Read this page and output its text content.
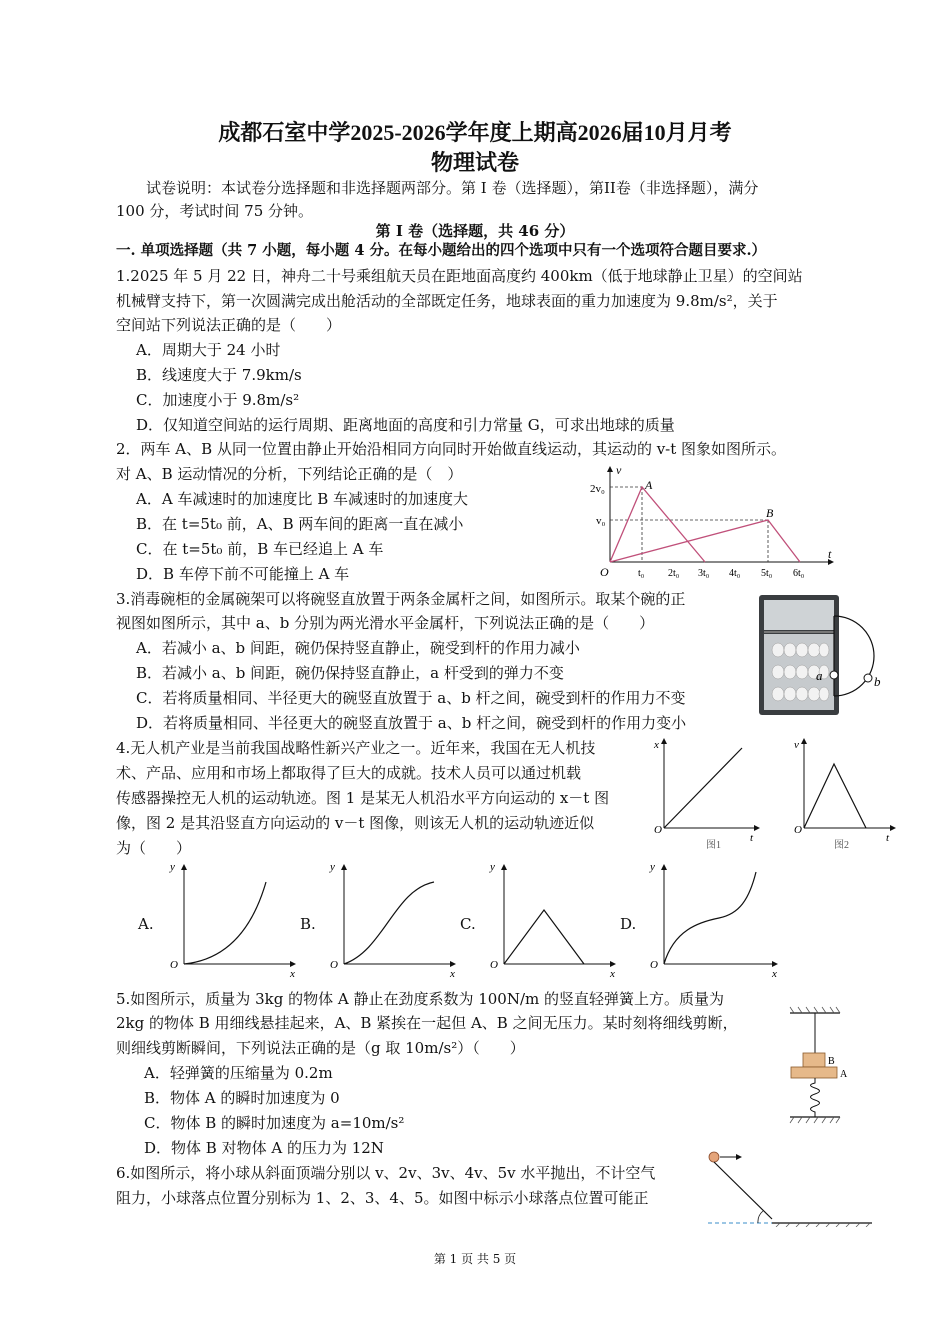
成都石室中学2025-2026学年度上期高2026届10月月考
物理试卷
试卷说明：本试卷分选择题和非选择题两部分。第 I 卷（选择题），第II卷（非选择题），满分
100 分，考试时间 75 分钟。
第 I 卷（选择题，共 46 分）
一. 单项选择题（共 7 小题，每小题 4 分。在每小题给出的四个选项中只有一个选项符合题目要求.）
1.2025 年 5 月 22 日，神舟二十号乘组航天员在距地面高度约 400km（低于地球静止卫星）的空间站
机械臂支持下，第一次圆满完成出舱活动的全部既定任务，地球表面的重力加速度为 9.8m/s²，关于
空间站下列说法正确的是（　　）
A．周期大于 24 小时
B．线速度大于 7.9km/s
C．加速度小于 9.8m/s²
D．仅知道空间站的运行周期、距离地面的高度和引力常量 G，可求出地球的质量
2．两车 A、B 从同一位置由静止开始沿相同方向同时开始做直线运动，其运动的 v-t 图象如图所示。
对 A、B 运动情况的分析，下列结论正确的是（　）
A．A 车减速时的加速度比 B 车减速时的加速度大
B．在 t=5t₀ 前，A、B 两车间的距离一直在减小
C．在 t=5t₀ 前，B 车已经追上 A 车
D．B 车停下前不可能撞上 A 车
v
t
O
2v₀
v₀
A
B
t₀ 2t₀ 3t₀ 4t₀ 5t₀ 6t₀
3.消毒碗柜的金属碗架可以将碗竖直放置于两条金属杆之间，如图所示。取某个碗的正
视图如图所示，其中 a、b 分别为两光滑水平金属杆，下列说法正确的是（　　）
A．若减小 a、b 间距，碗仍保持竖直静止，碗受到杆的作用力减小
B．若减小 a、b 间距，碗仍保持竖直静止，a 杆受到的弹力不变
C．若将质量相同、半径更大的碗竖直放置于 a、b 杆之间，碗受到杆的作用力不变
D．若将质量相同、半径更大的碗竖直放置于 a、b 杆之间，碗受到杆的作用力变小
a	b
4.无人机产业是当前我国战略性新兴产业之一。近年来，我国在无人机技
术、产品、应用和市场上都取得了巨大的成就。技术人员可以通过机载
传感器操控无人机的运动轨迹。图 1 是某无人机沿水平方向运动的 x－t 图
像，图 2 是其沿竖直方向运动的 v－t 图像，则该无人机的运动轨迹近似
为（　　）
x
O
t
图1
v
O
t
图2
A.
y
O
x
B.
y
O
x
C.
y
O
x
D.
y
O
x
5.如图所示，质量为 3kg 的物体 A 静止在劲度系数为 100N/m 的竖直轻弹簧上方。质量为
2kg 的物体 B 用细线悬挂起来，A、B 紧挨在一起但 A、B 之间无压力。某时刻将细线剪断，
则细线剪断瞬间，下列说法正确的是（g 取 10m/s²）（　　）
A．轻弹簧的压缩量为 0.2m
B．物体 A 的瞬时加速度为 0
C．物体 B 的瞬时加速度为 a=10m/s²
D．物体 B 对物体 A 的压力为 12N
B
A
6.如图所示，将小球从斜面顶端分别以 v、2v、3v、4v、5v 水平抛出，不计空气
阻力，小球落点位置分别标为 1、2、3、4、5。如图中标示小球落点位置可能正
第 1 页 共 5 页
